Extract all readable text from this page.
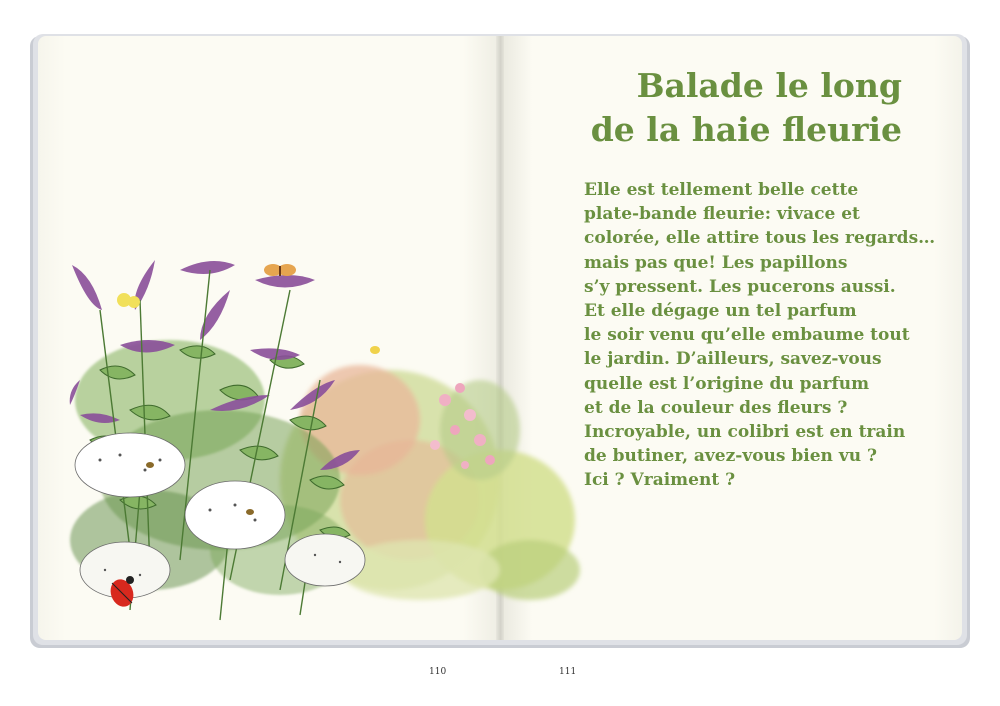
Balade le long
de la haie fleurie
Elle est tellement belle cette
plate-bande fleurie: vivace et
colorée, elle attire tous les regards…
mais pas que! Les papillons
s’y pressent. Les pucerons aussi.
Et elle dégage un tel parfum
le soir venu qu’elle embaume tout
le jardin. D’ailleurs, savez-vous
quelle est l’origine du parfum
et de la couleur des fleurs ?
Incroyable, un colibri est en train
de butiner, avez-vous bien vu ?
Ici ? Vraiment ?
110	111
